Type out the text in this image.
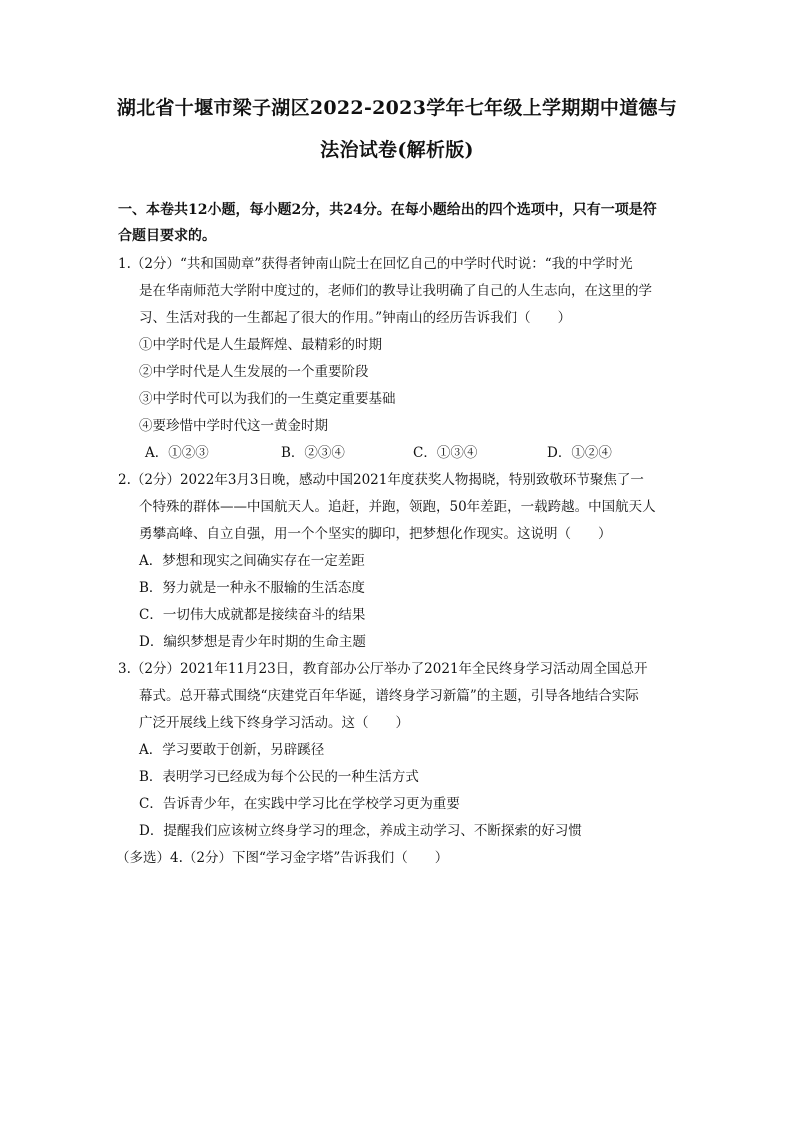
湖北省十堰市梁子湖区2022-2023学年七年级上学期期中道德与
法治试卷(解析版)
一、本卷共12小题，每小题2分，共24分。在每小题给出的四个选项中，只有一项是符
合题目要求的。
1.（2分）“共和国勋章”获得者钟南山院士在回忆自己的中学时代时说：“我的中学时光
是在华南师范大学附中度过的，老师们的教导让我明确了自己的人生志向，在这里的学
习、生活对我的一生都起了很大的作用。”钟南山的经历告诉我们（　　）
①中学时代是人生最辉煌、最精彩的时期
②中学时代是人生发展的一个重要阶段
③中学时代可以为我们的一生奠定重要基础
④要珍惜中学时代这一黄金时期
A．①②③	B．②③④	C．①③④	D．①②④
2.（2分）2022年3月3日晚，感动中国2021年度获奖人物揭晓，特别致敬环节聚焦了一
个特殊的群体——中国航天人。追赶，并跑，领跑，50年差距，一载跨越。中国航天人
勇攀高峰、自立自强，用一个个坚实的脚印，把梦想化作现实。这说明（　　）
A．梦想和现实之间确实存在一定差距
B．努力就是一种永不服输的生活态度
C．一切伟大成就都是接续奋斗的结果
D．编织梦想是青少年时期的生命主题
3.（2分）2021年11月23日，教育部办公厅举办了2021年全民终身学习活动周全国总开
幕式。总开幕式围绕“庆建党百年华诞，谱终身学习新篇”的主题，引导各地结合实际
广泛开展线上线下终身学习活动。这（　　）
A．学习要敢于创新，另辟蹊径
B．表明学习已经成为每个公民的一种生活方式
C．告诉青少年，在实践中学习比在学校学习更为重要
D．提醒我们应该树立终身学习的理念，养成主动学习、不断探索的好习惯
（多选）4.（2分）下图“学习金字塔”告诉我们（　　）
